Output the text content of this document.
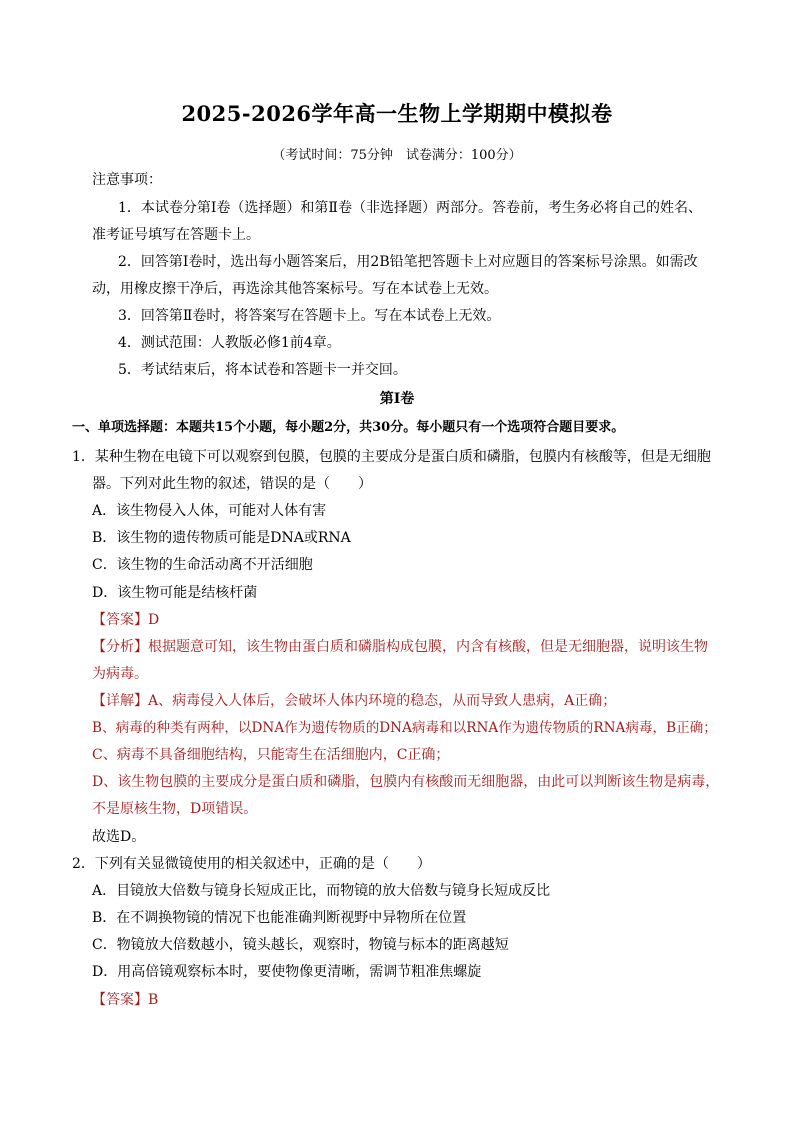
2025-2026学年高一生物上学期期中模拟卷
（考试时间：75分钟　试卷满分：100分）
注意事项：
1．本试卷分第Ⅰ卷（选择题）和第Ⅱ卷（非选择题）两部分。答卷前，考生务必将自己的姓名、
准考证号填写在答题卡上。
2．回答第Ⅰ卷时，选出每小题答案后，用2B铅笔把答题卡上对应题目的答案标号涂黑。如需改
动，用橡皮擦干净后，再选涂其他答案标号。写在本试卷上无效。
3．回答第Ⅱ卷时，将答案写在答题卡上。写在本试卷上无效。
4．测试范围：人教版必修1前4章。
5．考试结束后，将本试卷和答题卡一并交回。
第Ⅰ卷
一、单项选择题：本题共15个小题，每小题2分，共30分。每小题只有一个选项符合题目要求。
1．某种生物在电镜下可以观察到包膜，包膜的主要成分是蛋白质和磷脂，包膜内有核酸等，但是无细胞
器。下列对此生物的叙述，错误的是（　　）
A．该生物侵入人体，可能对人体有害
B．该生物的遗传物质可能是DNA或RNA
C．该生物的生命活动离不开活细胞
D．该生物可能是结核杆菌
【答案】D
【分析】根据题意可知，该生物由蛋白质和磷脂构成包膜，内含有核酸，但是无细胞器，说明该生物
为病毒。
【详解】A、病毒侵入人体后，会破坏人体内环境的稳态，从而导致人患病，A正确；
B、病毒的种类有两种，以DNA作为遗传物质的DNA病毒和以RNA作为遗传物质的RNA病毒，B正确；
C、病毒不具备细胞结构，只能寄生在活细胞内，C正确；
D、该生物包膜的主要成分是蛋白质和磷脂，包膜内有核酸而无细胞器，由此可以判断该生物是病毒，
不是原核生物，D项错误。
故选D。
2．下列有关显微镜使用的相关叙述中，正确的是（　　）
A．目镜放大倍数与镜身长短成正比，而物镜的放大倍数与镜身长短成反比
B．在不调换物镜的情况下也能准确判断视野中异物所在位置
C．物镜放大倍数越小，镜头越长，观察时，物镜与标本的距离越短
D．用高倍镜观察标本时，要使物像更清晰，需调节粗准焦螺旋
【答案】B
